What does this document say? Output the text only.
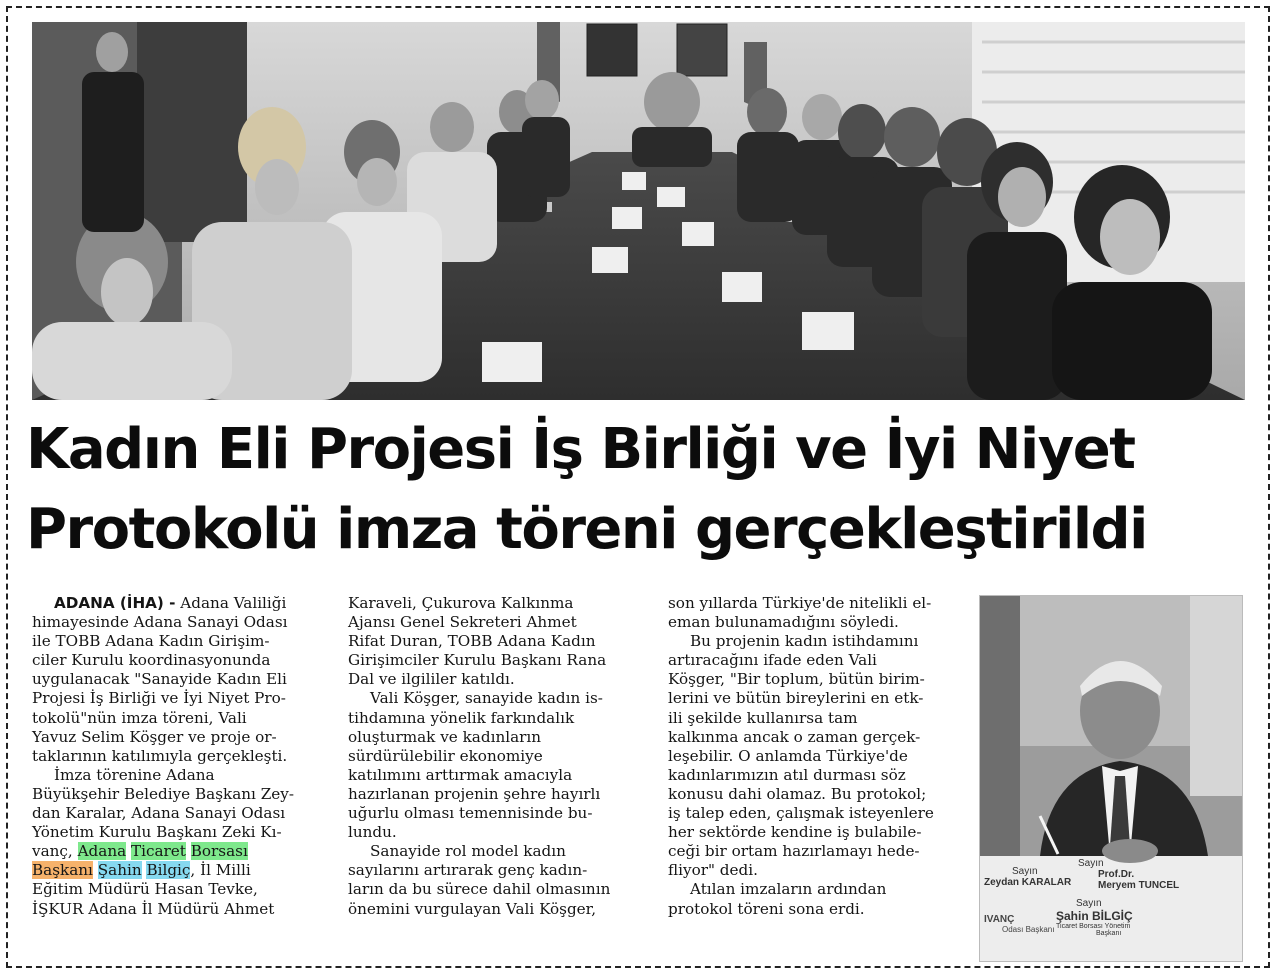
Kadın Eli Projesi İş Birliği ve İyi Niyet
Protokolü imza töreni gerçekleştirildi

ADANA (İHA) - Adana Valiliği
himayesinde Adana Sanayi Odası
ile TOBB Adana Kadın Girişim-
ciler Kurulu koordinasyonunda
uygulanacak "Sanayide Kadın Eli
Projesi İş Birliği ve İyi Niyet Pro-
tokolü"nün imza töreni, Vali
Yavuz Selim Köşger ve proje or-
taklarının katılımıyla gerçekleşti.

İmza törenine Adana
Büyükşehir Belediye Başkanı Zey-
dan Karalar, Adana Sanayi Odası
Yönetim Kurulu Başkanı Zeki Kı-
vanç, Adana Ticaret Borsası
Başkanı Şahin Bilgiç, İl Milli
Eğitim Müdürü Hasan Tevke,
İŞKUR Adana İl Müdürü Ahmet

Karaveli, Çukurova Kalkınma
Ajansı Genel Sekreteri Ahmet
Rifat Duran, TOBB Adana Kadın
Girişimciler Kurulu Başkanı Rana
Dal ve ilgililer katıldı.

Vali Köşger, sanayide kadın is-
tihdamına yönelik farkındalık
oluşturmak ve kadınların
sürdürülebilir ekonomiye
katılımını arttırmak amacıyla
hazırlanan projenin şehre hayırlı
uğurlu olması temennisinde bu-
lundu.

Sanayide rol model kadın
sayılarını artırarak genç kadın-
ların da bu sürece dahil olmasının
önemini vurgulayan Vali Köşger,

son yıllarda Türkiye'de nitelikli el-
eman bulunamadığını söyledi.

Bu projenin kadın istihdamını
artıracağını ifade eden Vali
Köşger, "Bir toplum, bütün birim-
lerini ve bütün bireylerini en etk-
ili şekilde kullanırsa tam
kalkınma ancak o zaman gerçek-
leşebilir. O anlamda Türkiye'de
kadınlarımızın atıl durması söz
konusu dahi olamaz. Bu protokol;
iş talep eden, çalışmak isteyenlere
her sektörde kendine iş bulabile-
ceği bir ortam hazırlamayı hede-
fliyor" dedi.

Atılan imzaların ardından
protokol töreni sona erdi.

Sayın
Zeydan KARALAR
Sayın
Prof.Dr.
Meryem TUNCEL
IVANÇ
Odası Başkanı
Sayın
Şahin BİLGİÇ
Ticaret Borsası Yönetim
Başkanı
